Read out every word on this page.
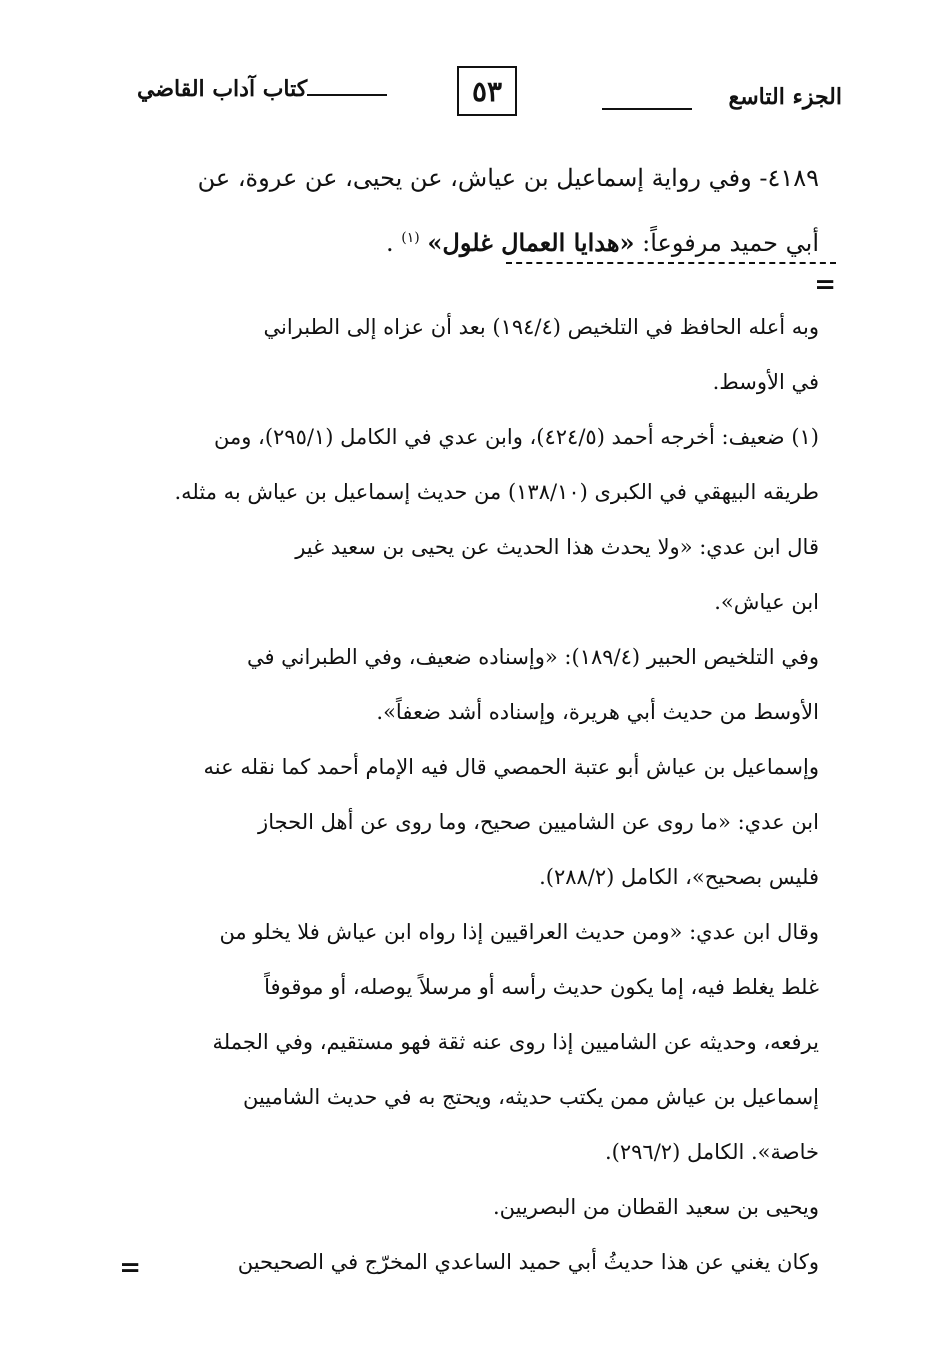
الجزء التاسع
٥٣
كتاب آداب القاضي

٤١٨٩- وفي رواية إسماعيل بن عياش، عن يحيى، عن عروة، عن

أبي حميد مرفوعاً: «هدايا العمال غلول» $^{(١)}$ .

=

وبه أعله الحافظ في التلخيص (١٩٤/٤) بعد أن عزاه إلى الطبراني

في الأوسط.

(١) ضعيف: أخرجه أحمد (٤٢٤/٥)، وابن عدي في الكامل (٢٩٥/١)، ومن

طريقه البيهقي في الكبرى (١٣٨/١٠) من حديث إسماعيل بن عياش به مثله.

قال ابن عدي: «ولا يحدث هذا الحديث عن يحيى بن سعيد غير

ابن عياش».

وفي التلخيص الحبير (١٨٩/٤): «وإسناده ضعيف، وفي الطبراني في

الأوسط من حديث أبي هريرة، وإسناده أشد ضعفاً».

وإسماعيل بن عياش أبو عتبة الحمصي قال فيه الإمام أحمد كما نقله عنه

ابن عدي: «ما روى عن الشاميين صحيح، وما روى عن أهل الحجاز

فليس بصحيح»، الكامل (٢٨٨/٢).

وقال ابن عدي: «ومن حديث العراقيين إذا رواه ابن عياش فلا يخلو من

غلط يغلط فيه، إما يكون حديث رأسه أو مرسلاً يوصله، أو موقوفاً

يرفعه، وحديثه عن الشاميين إذا روى عنه ثقة فهو مستقيم، وفي الجملة

إسماعيل بن عياش ممن يكتب حديثه، ويحتج به في حديث الشاميين

خاصة». الكامل (٢٩٦/٢).

ويحيى بن سعيد القطان من البصريين.

وكان يغني عن هذا حديثُ أبي حميد الساعدي المخرّج في الصحيحين

=
